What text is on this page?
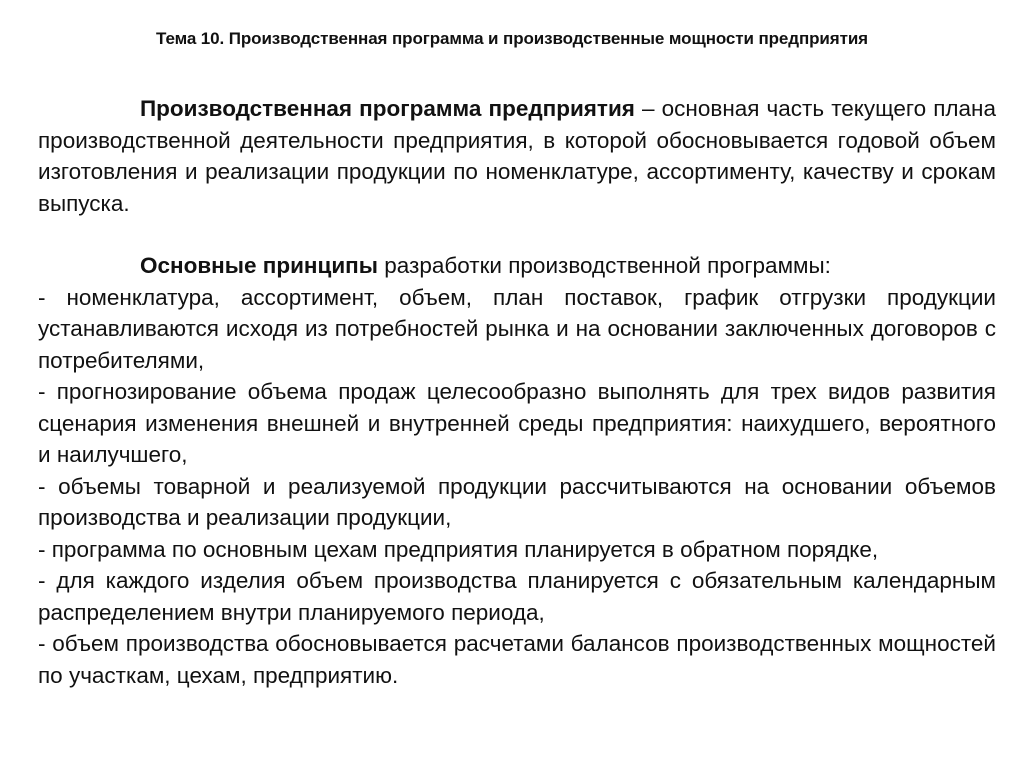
Тема 10. Производственная программа и производственные мощности предприятия

Производственная программа предприятия – основная часть текущего плана производственной деятельности предприятия, в которой обосновывается годовой объем изготовления и реализации продукции по номенклатуре, ассортименту, качеству и срокам выпуска.

Основные принципы разработки производственной программы:

- номенклатура, ассортимент, объем, план поставок, график отгрузки продукции устанавливаются исходя из потребностей рынка и на основании заключенных договоров с потребителями,

- прогнозирование объема продаж целесообразно выполнять для трех видов развития сценария изменения внешней и внутренней среды предприятия: наихудшего, вероятного и наилучшего,

- объемы товарной и реализуемой продукции рассчитываются на основании объемов производства и реализации продукции,

- программа по основным цехам предприятия планируется в обратном порядке,

- для каждого изделия объем производства планируется с обязательным календарным распределением внутри планируемого периода,

- объем производства обосновывается расчетами балансов производственных мощностей по участкам, цехам, предприятию.
